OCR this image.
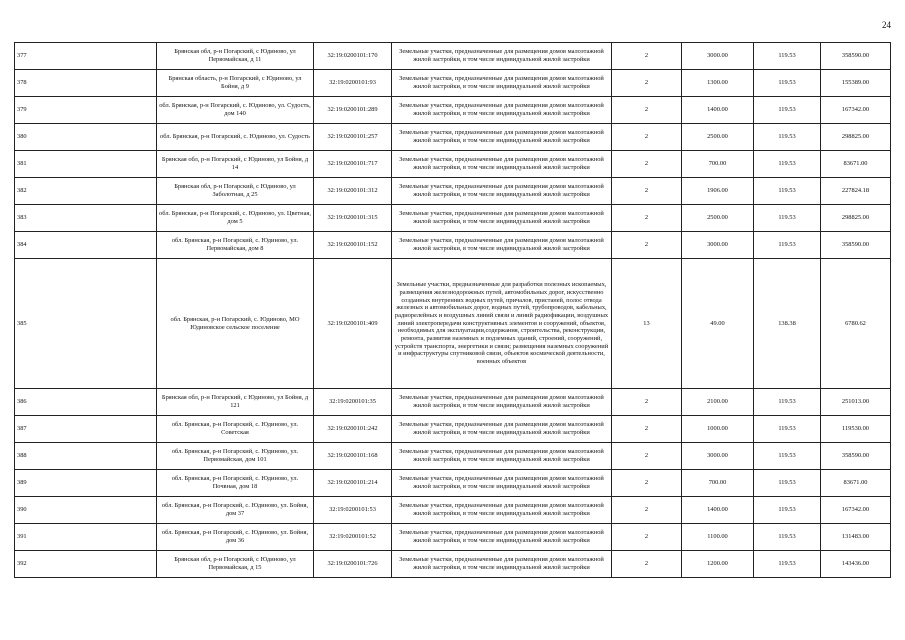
24
377	Брянская обл, р-н Погарский, с Юдиново, ул Первомайская, д 11	32:19:0200101:170	Земельные участки, предназначенные для размещения домов малоэтажной жилой застройки, в том числе индивидуальной жилой застройки	2	3000.00	119.53	358590.00
378	Брянская область, р-н Погарский, с Юдиново, ул Бойня, д 9	32:19:0200101:93	Земельные участки, предназначенные для размещения домов малоэтажной жилой застройки, в том числе индивидуальной жилой застройки	2	1300.00	119.53	155389.00
379	обл. Брянская, р-н Погарский, с. Юдиново, ул. Судость, дом 140	32:19:0200101:289	Земельные участки, предназначенные для размещения домов малоэтажной жилой застройки, в том числе индивидуальной жилой застройки	2	1400.00	119.53	167342.00
380	обл. Брянская, р-н Погарский, с. Юдиново, ул. Судость	32:19:0200101:257	Земельные участки, предназначенные для размещения домов малоэтажной жилой застройки, в том числе индивидуальной жилой застройки	2	2500.00	119.53	298825.00
381	Брянская обл, р-н Погарский, с Юдиново, ул Бойня, д 14	32:19:0200101:717	Земельные участки, предназначенные для размещения домов малоэтажной жилой застройки, в том числе индивидуальной жилой застройки	2	700.00	119.53	83671.00
382	Брянская обл, р-н Погарский, с Юдиново, ул Заболотная, д 25	32:19:0200101:312	Земельные участки, предназначенные для размещения домов малоэтажной жилой застройки, в том числе индивидуальной жилой застройки	2	1906.00	119.53	227824.18
383	обл. Брянская, р-н Погарский, с. Юдиново, ул. Цветная, дом 5	32:19:0200101:315	Земельные участки, предназначенные для размещения домов малоэтажной жилой застройки, в том числе индивидуальной жилой застройки	2	2500.00	119.53	298825.00
384	обл. Брянская, р-н Погарский, с. Юдиново, ул. Первомайская, дом 8	32:19:0200101:152	Земельные участки, предназначенные для размещения домов малоэтажной жилой застройки, в том числе индивидуальной жилой застройки	2	3000.00	119.53	358590.00
385	обл. Брянская, р-н Погарский, с. Юдиново, МО Юдиновское сельское поселение	32:19:0200101:409	Земельные участки, предназначенные для разработки полезных ископаемых, размещения железнодорожных путей, автомобильных дорог, искусственно созданных внутренних водных путей, причалов, пристаней, полос отвода железных и автомобильных дорог, водных путей, трубопроводов, кабельных, радиорелейных и воздушных линий связи и линий радиофикации, воздушных линий электропередачи конструктивных элементов и сооружений, объектов, необходимых для эксплуатации,содержания, строительства, реконструкции, ремонта, развития наземных и подземных зданий, строений, сооружений, устройств транспорта, энергетики и связи; размещения наземных сооружений и инфраструктуры спутниковой связи, объектов космической деятельности, военных объектов	13	49.00	138.38	6780.62
386	Брянская обл, р-н Погарский, с Юдиново, ул Бойня, д 121	32:19:0200101:35	Земельные участки, предназначенные для размещения домов малоэтажной жилой застройки, в том числе индивидуальной жилой застройки	2	2100.00	119.53	251013.00
387	обл. Брянская, р-н Погарский, с. Юдиново, ул. Советская	32:19:0200101:242	Земельные участки, предназначенные для размещения домов малоэтажной жилой застройки, в том числе индивидуальной жилой застройки	2	1000.00	119.53	119530.00
388	обл. Брянская, р-н Погарский, с. Юдиново, ул. Первомайская, дом 101	32:19:0200101:168	Земельные участки, предназначенные для размещения домов малоэтажной жилой застройки, в том числе индивидуальной жилой застройки	2	3000.00	119.53	358590.00
389	обл. Брянская, р-н Погарский, с. Юдиново, ул. Почвная, дом 18	32:19:0200101:214	Земельные участки, предназначенные для размещения домов малоэтажной жилой застройки, в том числе индивидуальной жилой застройки	2	700.00	119.53	83671.00
390	обл. Брянская, р-н Погарский, с. Юдиново, ул. Бойня, дом 37	32:19:0200101:53	Земельные участки, предназначенные для размещения домов малоэтажной жилой застройки, в том числе индивидуальной жилой застройки	2	1400.00	119.53	167342.00
391	обл. Брянская, р-н Погарский, с. Юдиново, ул. Бойня, дом 36	32:19:0200101:52	Земельные участки, предназначенные для размещения домов малоэтажной жилой застройки, в том числе индивидуальной жилой застройки	2	1100.00	119.53	131483.00
392	Брянская обл, р-н Погарский, с Юдиново, ул Первомайская, д 15	32:19:0200101:726	Земельные участки, предназначенные для размещения домов малоэтажной жилой застройки, в том числе индивидуальной жилой застройки	2	1200.00	119.53	143436.00
